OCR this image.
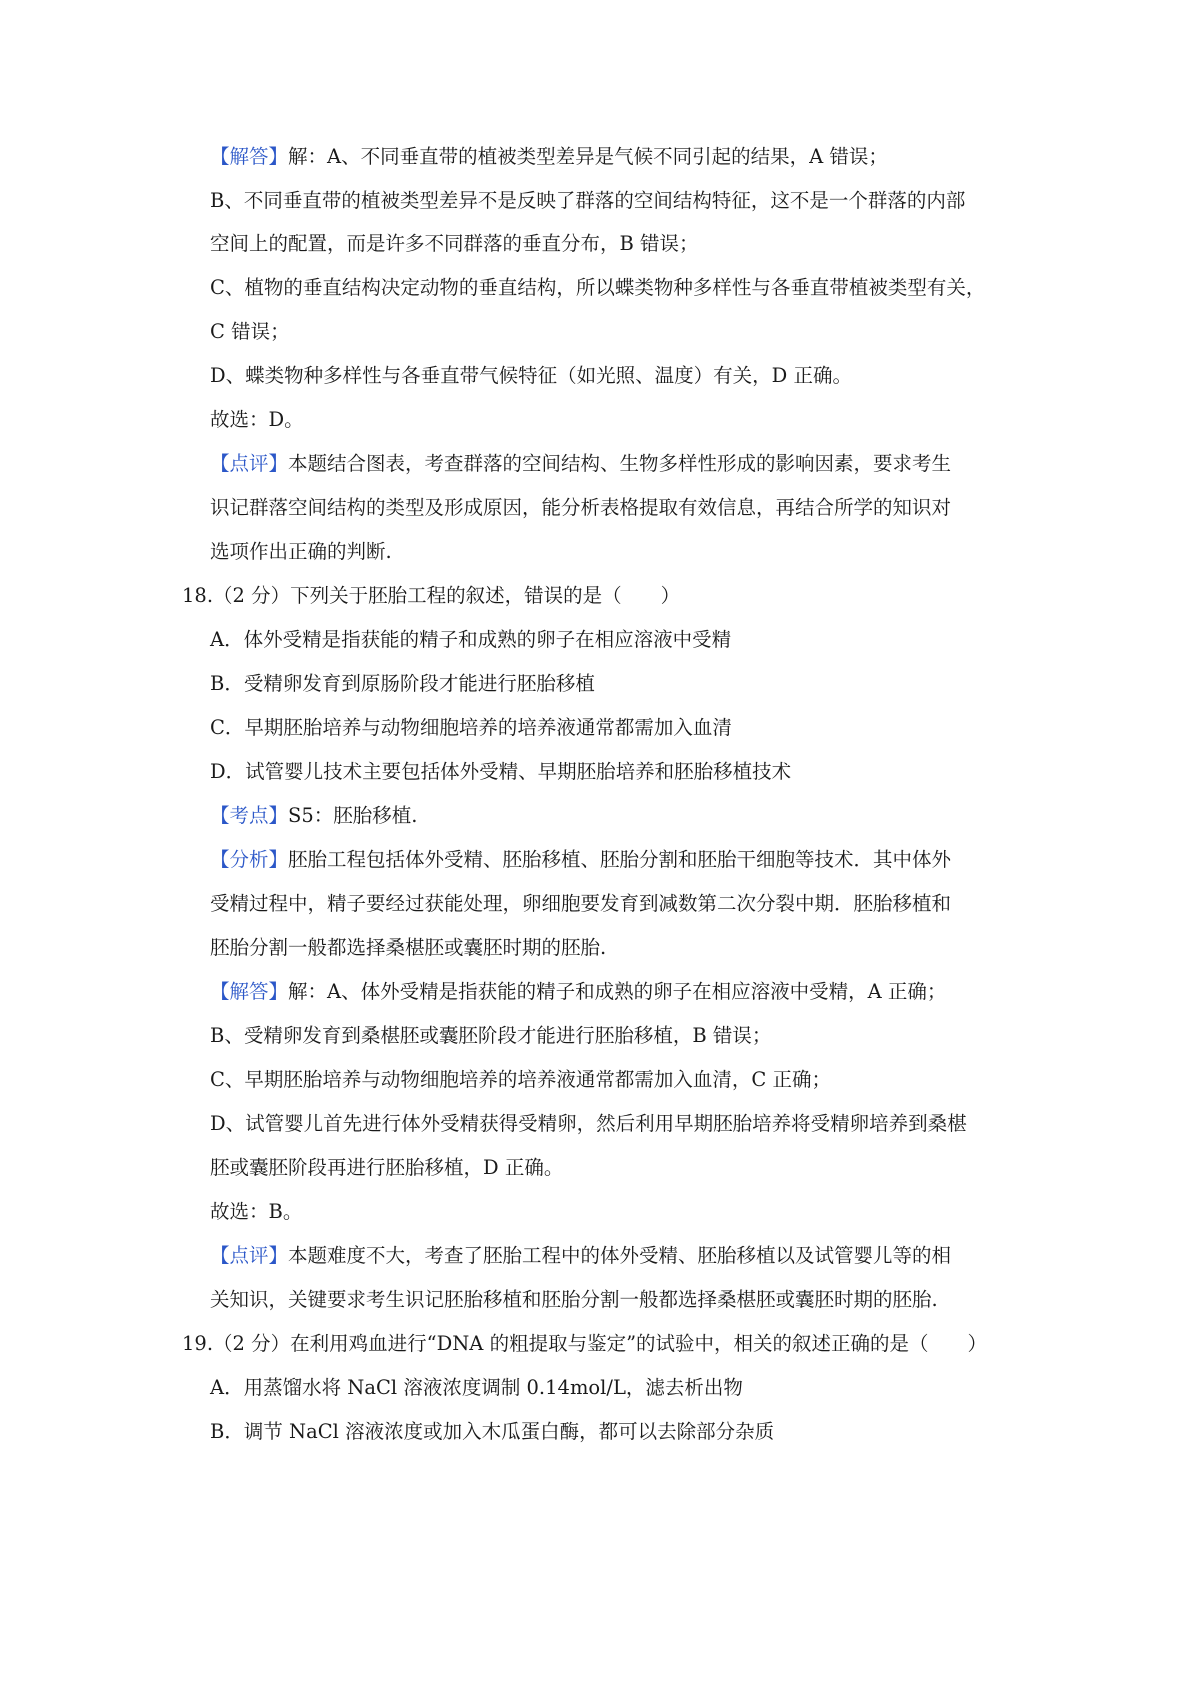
【解答】解：A、不同垂直带的植被类型差异是气候不同引起的结果，A 错误；
B、不同垂直带的植被类型差异不是反映了群落的空间结构特征，这不是一个群落的内部
空间上的配置，而是许多不同群落的垂直分布，B 错误；
C、植物的垂直结构决定动物的垂直结构，所以蝶类物种多样性与各垂直带植被类型有关，
C 错误；
D、蝶类物种多样性与各垂直带气候特征（如光照、温度）有关，D 正确。
故选：D。
【点评】本题结合图表，考查群落的空间结构、生物多样性形成的影响因素，要求考生
识记群落空间结构的类型及形成原因，能分析表格提取有效信息，再结合所学的知识对
选项作出正确的判断.
18.（2 分）下列关于胚胎工程的叙述，错误的是（　　）
A．体外受精是指获能的精子和成熟的卵子在相应溶液中受精
B．受精卵发育到原肠阶段才能进行胚胎移植
C．早期胚胎培养与动物细胞培养的培养液通常都需加入血清
D．试管婴儿技术主要包括体外受精、早期胚胎培养和胚胎移植技术
【考点】S5：胚胎移植.
【分析】胚胎工程包括体外受精、胚胎移植、胚胎分割和胚胎干细胞等技术．其中体外
受精过程中，精子要经过获能处理，卵细胞要发育到减数第二次分裂中期．胚胎移植和
胚胎分割一般都选择桑椹胚或囊胚时期的胚胎.
【解答】解：A、体外受精是指获能的精子和成熟的卵子在相应溶液中受精，A 正确；
B、受精卵发育到桑椹胚或囊胚阶段才能进行胚胎移植，B 错误；
C、早期胚胎培养与动物细胞培养的培养液通常都需加入血清，C 正确；
D、试管婴儿首先进行体外受精获得受精卵，然后利用早期胚胎培养将受精卵培养到桑椹
胚或囊胚阶段再进行胚胎移植，D 正确。
故选：B。
【点评】本题难度不大，考查了胚胎工程中的体外受精、胚胎移植以及试管婴儿等的相
关知识，关键要求考生识记胚胎移植和胚胎分割一般都选择桑椹胚或囊胚时期的胚胎.
19.（2 分）在利用鸡血进行“DNA 的粗提取与鉴定”的试验中，相关的叙述正确的是（　　）
A．用蒸馏水将 NaCl 溶液浓度调制 0.14mol/L，滤去析出物
B．调节 NaCl 溶液浓度或加入木瓜蛋白酶，都可以去除部分杂质
